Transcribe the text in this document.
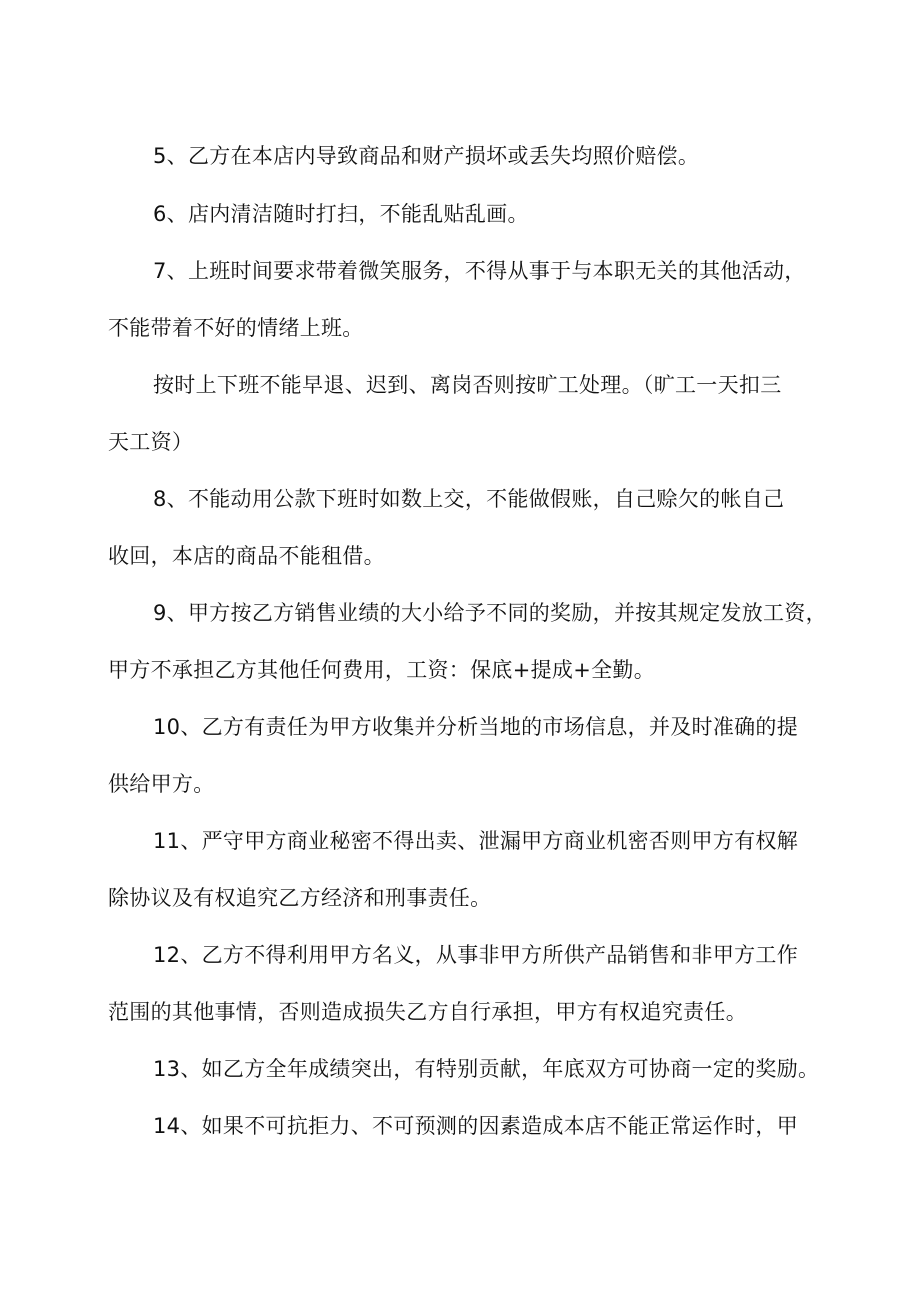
5、乙方在本店内导致商品和财产损坏或丢失均照价赔偿。
6、店内清洁随时打扫，不能乱贴乱画。
7、上班时间要求带着微笑服务，不得从事于与本职无关的其他活动，
不能带着不好的情绪上班。
按时上下班不能早退、迟到、离岗否则按旷工处理。（旷工一天扣三
天工资）
8、不能动用公款下班时如数上交，不能做假账，自己赊欠的帐自己
收回，本店的商品不能租借。
9、甲方按乙方销售业绩的大小给予不同的奖励，并按其规定发放工资，
甲方不承担乙方其他任何费用，工资：保底+提成+全勤。
10、乙方有责任为甲方收集并分析当地的市场信息，并及时准确的提
供给甲方。
11、严守甲方商业秘密不得出卖、泄漏甲方商业机密否则甲方有权解
除协议及有权追究乙方经济和刑事责任。
12、乙方不得利用甲方名义，从事非甲方所供产品销售和非甲方工作
范围的其他事情，否则造成损失乙方自行承担，甲方有权追究责任。
13、如乙方全年成绩突出，有特别贡献，年底双方可协商一定的奖励。
14、如果不可抗拒力、不可预测的因素造成本店不能正常运作时，甲
